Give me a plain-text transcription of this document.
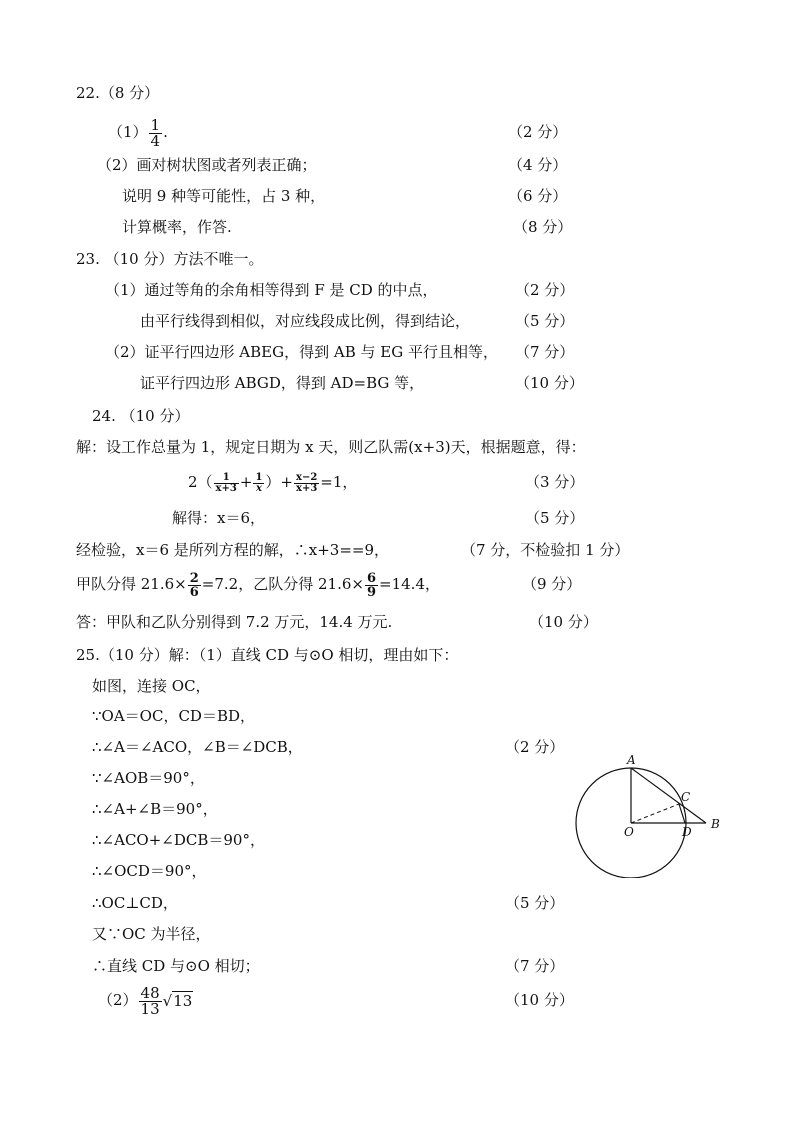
22.（8 分）
$(1) \frac{1}{4}$ .	（2 分）
（2）画对树状图或者列表正确；	（4 分）
说明 9 种等可能性，占 3 种，	（6 分）
计算概率，作答.	（8 分）
23. （10 分）方法不唯一。
（1）通过等角的余角相等得到 F 是 CD 的中点，	（2 分）
由平行线得到相似，对应线段成比例，得到结论，	（5 分）
（2）证平行四边形 ABEG，得到 AB 与 EG 平行且相等， （7 分）
证平行四边形 ABGD，得到 AD=BG 等，	（10 分）
24. （10 分）
解：设工作总量为 1，规定日期为 x 天，则乙队需(x+3)天，根据题意，得：
$2( \frac{1}{x+3} + \frac{1}{x}$ ）+ $\frac{x-2}{x+3} =1$，	（3 分）
解得：x＝6，	（5 分）
经检验，x＝6 是所列方程的解，∴x+3==9，	（7 分，不检验扣 1 分）
甲队分得 $21.6\times \frac{2}{6} =7.2$，乙队分得 $21.6\times \frac{6}{9} =14.4$，	（9 分）
答：甲队和乙队分别得到 7.2 万元，14.4 万元.	（10 分）
25.（10 分）解：（1）直线 CD 与⊙O 相切，理由如下：
如图，连接 OC，
∵OA＝OC，CD＝BD，
∴∠A＝∠ACO，∠B＝∠DCB，	（2 分）
∵∠AOB＝90°，
∴∠A+∠B＝90°，
∴∠ACO+∠DCB＝90°，
∴∠OCD＝90°，
∴OC⊥CD，	（5 分）
又∵OC 为半径，
∴直线 CD 与⊙O 相切；	（7 分）
$(2) \frac{48}{13} √13$	（10 分）
A
C
O	D
B
